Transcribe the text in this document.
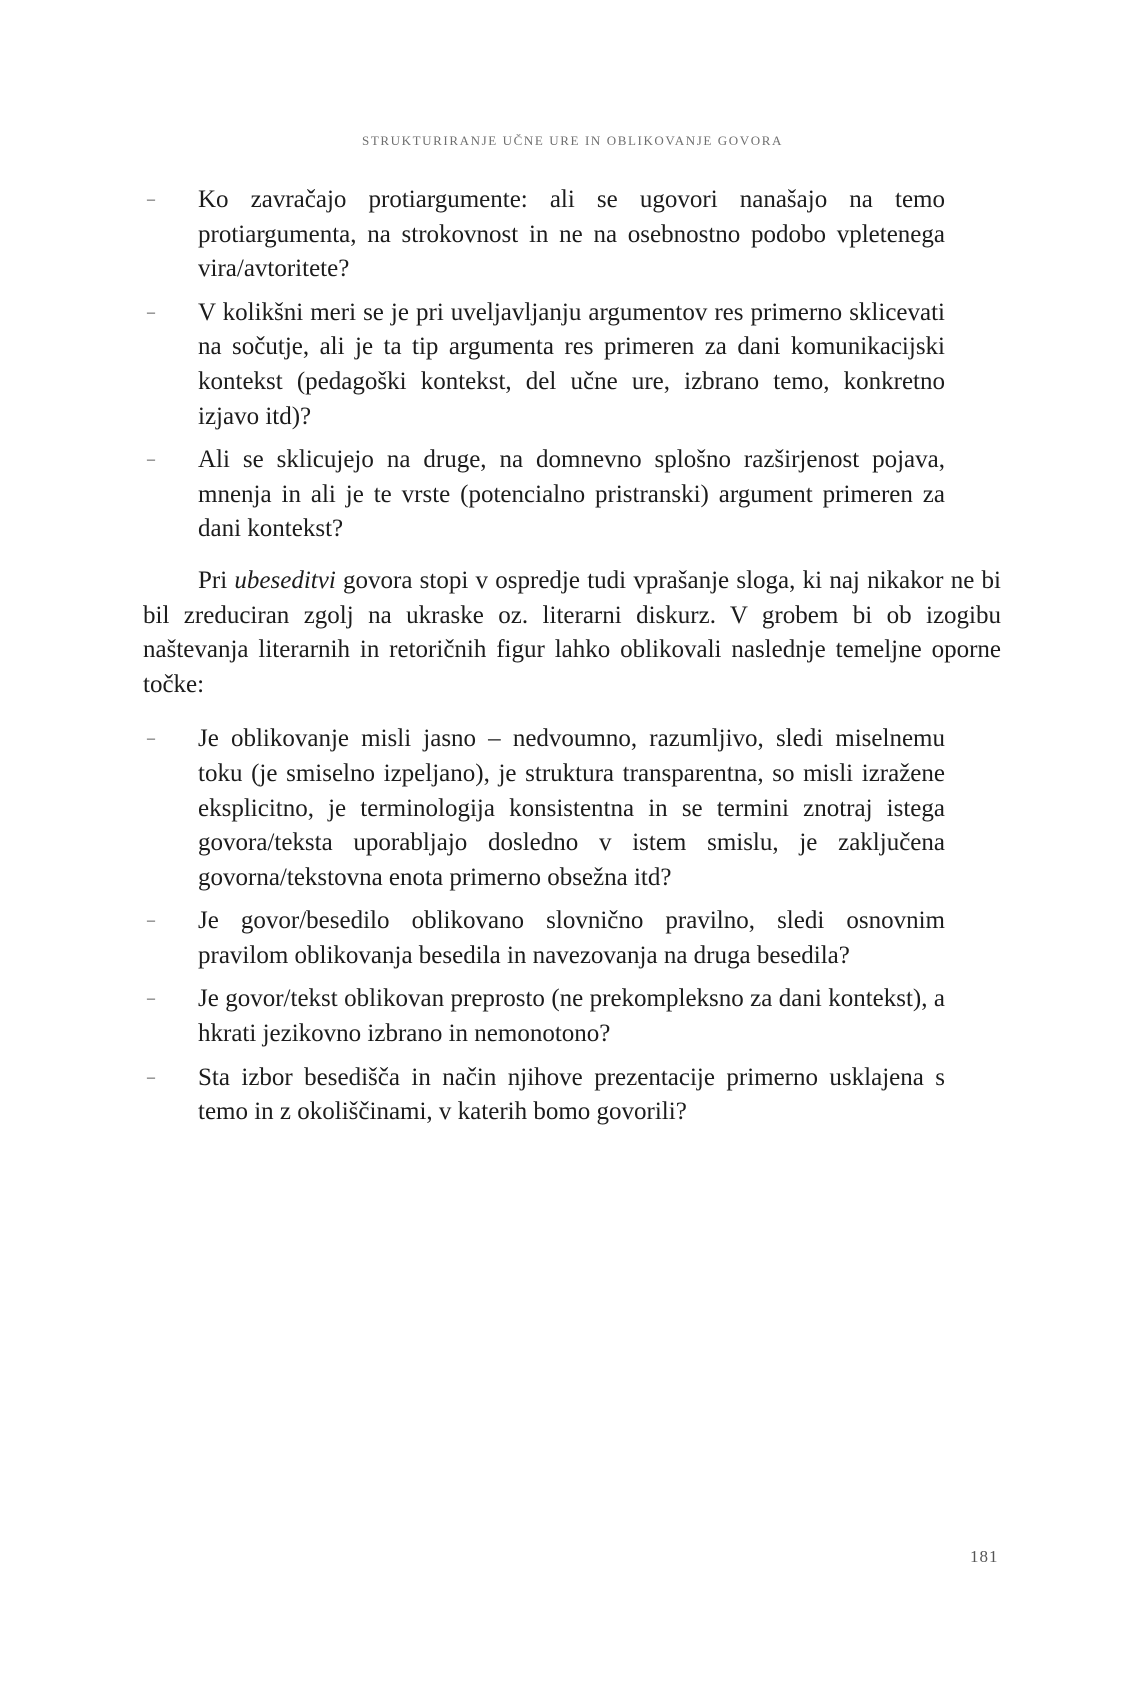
STRUKTURIRANJE UČNE URE IN OBLIKOVANJE GOVORA
– Ko zavračajo protiargumente: ali se ugovori nanašajo na temo protiargumenta, na strokovnost in ne na osebnostno podobo vpletenega vira/avtoritete?
– V kolikšni meri se je pri uveljavljanju argumentov res primerno sklicevati na sočutje, ali je ta tip argumenta res primeren za dani komunikacijski kontekst (pedagoški kontekst, del učne ure, izbrano temo, konkretno izjavo itd)?
– Ali se sklicujejo na druge, na domnevno splošno razširjenost pojava, mnenja in ali je te vrste (potencialno pristranski) argument primeren za dani kontekst?

Pri ubeseditvi govora stopi v ospredje tudi vprašanje sloga, ki naj nikakor ne bi bil zreduciran zgolj na ukraske oz. literarni diskurz. V grobem bi ob izogibu naštevanja literarnih in retoričnih figur lahko oblikovali naslednje temeljne oporne točke:

– Je oblikovanje misli jasno – nedvoumno, razumljivo, sledi miselnemu toku (je smiselno izpeljano), je struktura transparentna, so misli izražene eksplicitno, je terminologija konsistentna in se termini znotraj istega govora/teksta uporabljajo dosledno v istem smislu, je zaključena govorna/tekstovna enota primerno obsežna itd?
– Je govor/besedilo oblikovano slovnično pravilno, sledi osnovnim pravilom oblikovanja besedila in navezovanja na druga besedila?
– Je govor/tekst oblikovan preprosto (ne prekompleksno za dani kontekst), a hkrati jezikovno izbrano in nemonotono?
– Sta izbor besedišča in način njihove prezentacije primerno usklajena s temo in z okoliščinami, v katerih bomo govorili?
181
